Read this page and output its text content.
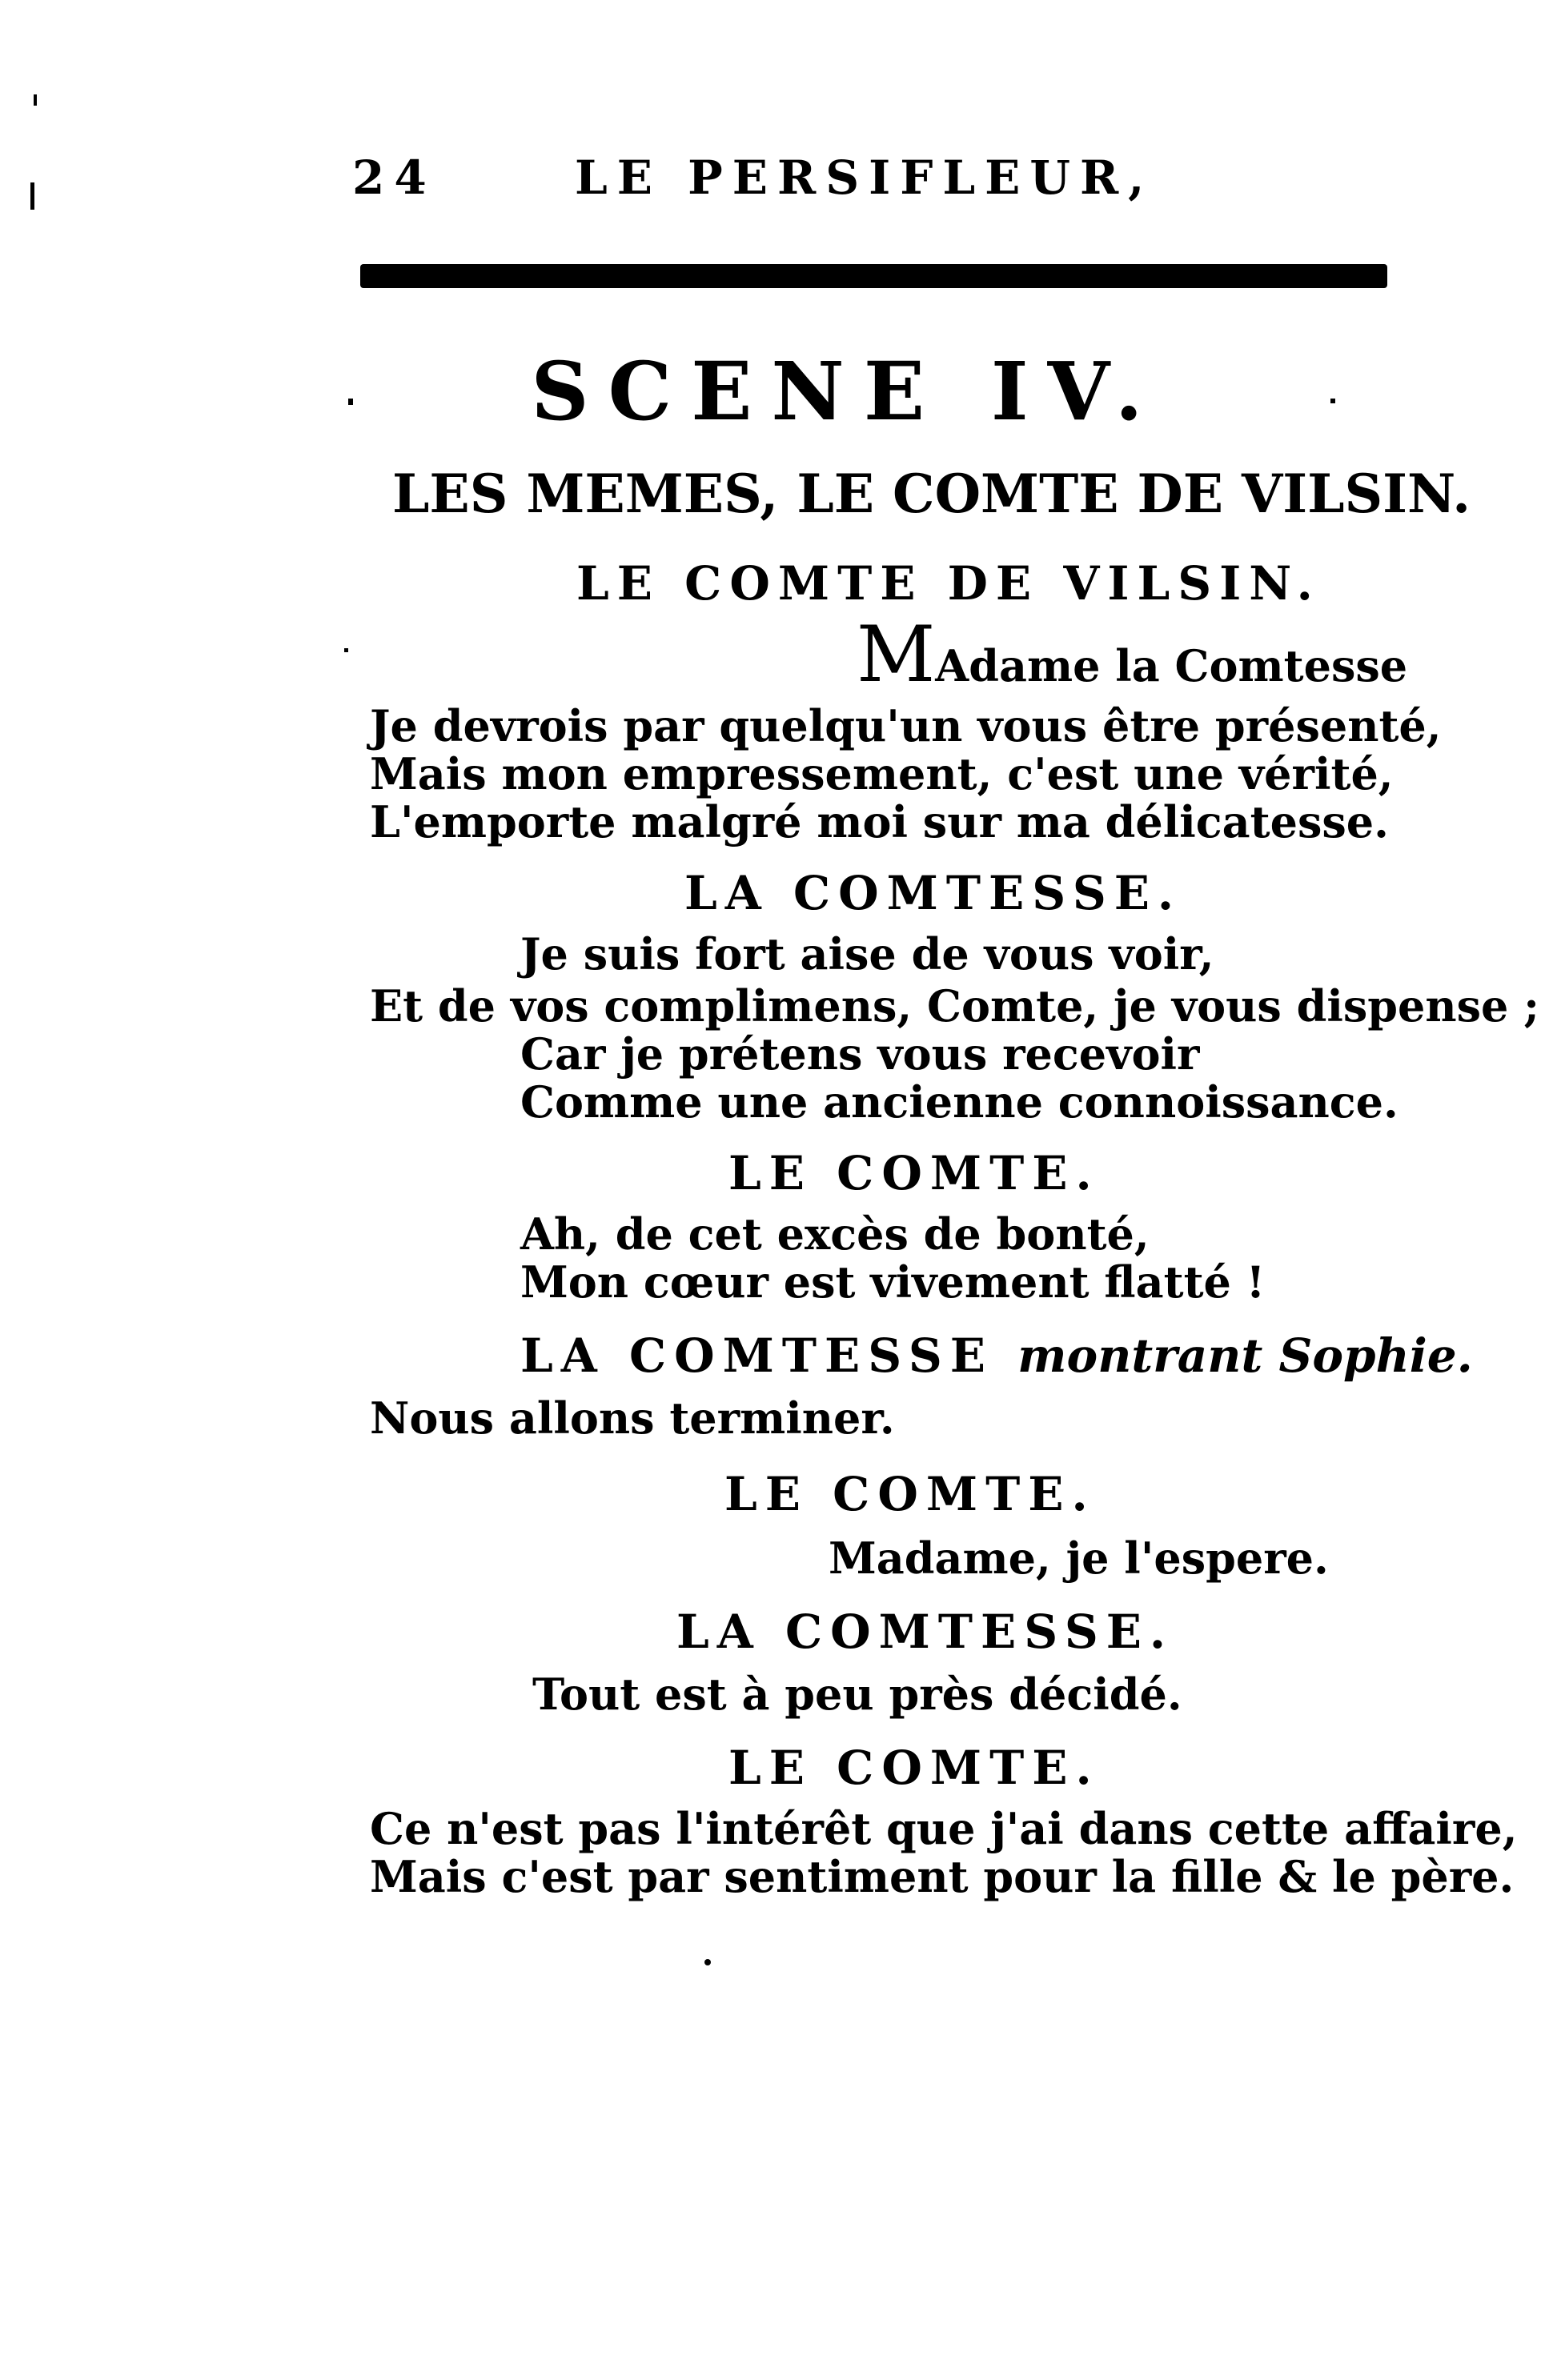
24	LE PERSIFLEUR,
SCENE IV.
LES MEMES, LE COMTE DE VILSIN.
LE COMTE DE VILSIN.
MAdame la Comtesse
Je devrois par quelqu'un vous être présenté,
Mais mon empressement, c'est une vérité,
L'emporte malgré moi sur ma délicatesse.
LA COMTESSE.
Je suis fort aise de vous voir,
Et de vos complimens, Comte, je vous dispense ;
Car je prétens vous recevoir
Comme une ancienne connoissance.
LE COMTE.
Ah, de cet excès de bonté,
Mon cœur est vivement flatté !
LA COMTESSE montrant Sophie.
Nous allons terminer.
LE COMTE.
Madame, je l'espere.
LA COMTESSE.
Tout est à peu près décidé.
LE COMTE.
Ce n'est pas l'intérêt que j'ai dans cette affaire,
Mais c'est par sentiment pour la fille & le père.
